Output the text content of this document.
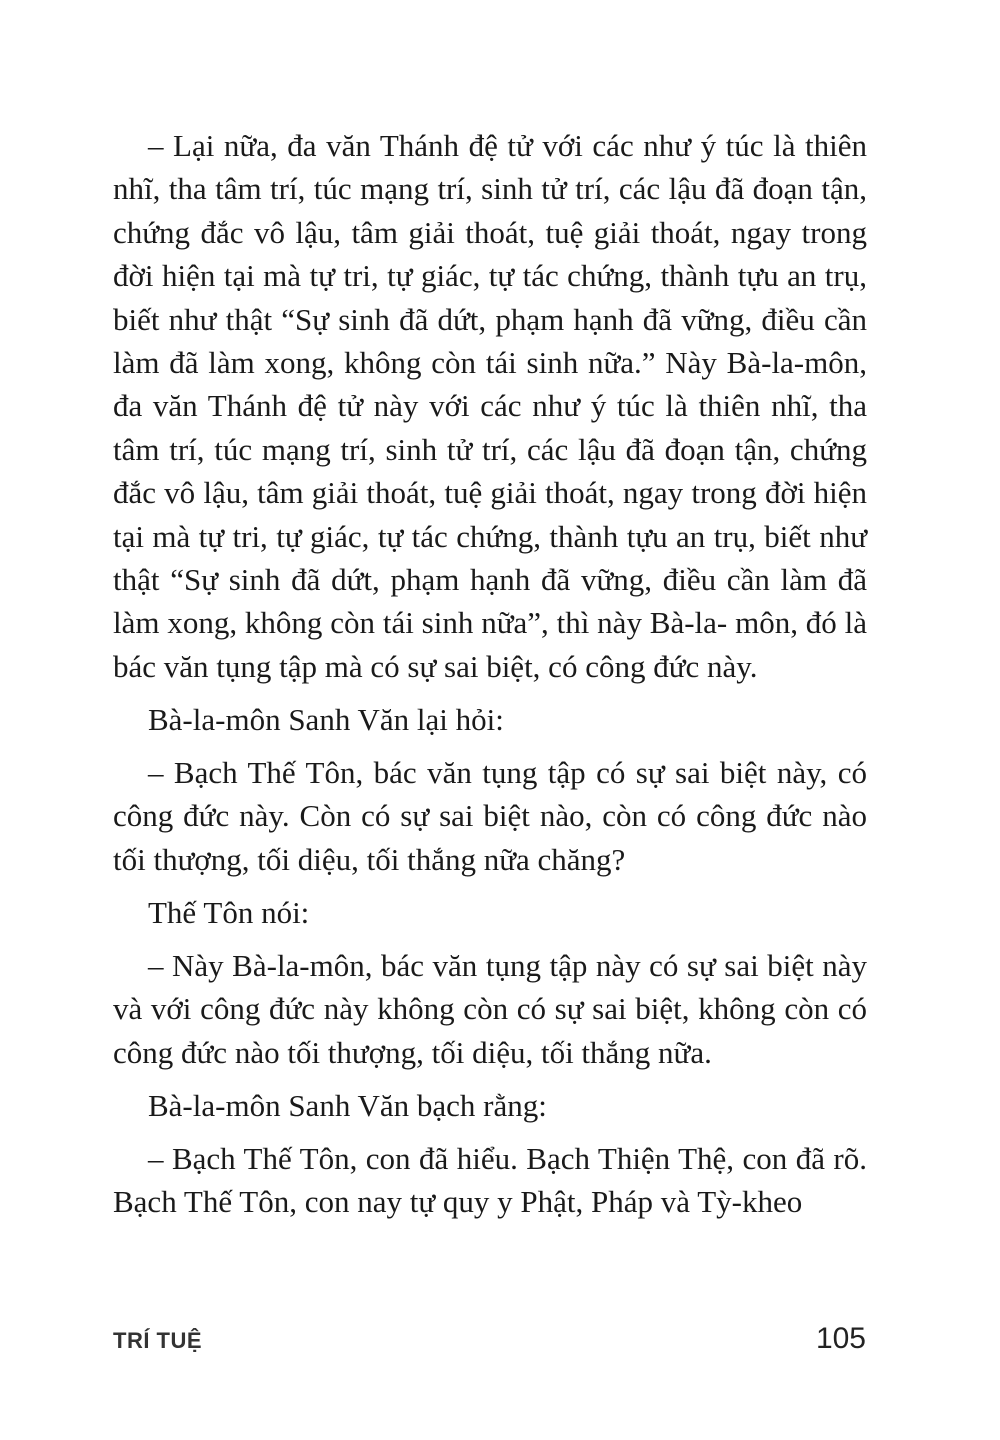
– Lại nữa, đa văn Thánh đệ tử với các như ý túc là thiên nhĩ, tha tâm trí, túc mạng trí, sinh tử trí, các lậu đã đoạn tận, chứng đắc vô lậu, tâm giải thoát, tuệ giải thoát, ngay trong đời hiện tại mà tự tri, tự giác, tự tác chứng, thành tựu an trụ, biết như thật “Sự sinh đã dứt, phạm hạnh đã vững, điều cần làm đã làm xong, không còn tái sinh nữa.” Này Bà-la-môn, đa văn Thánh đệ tử này với các như ý túc là thiên nhĩ, tha tâm trí, túc mạng trí, sinh tử trí, các lậu đã đoạn tận, chứng đắc vô lậu, tâm giải thoát, tuệ giải thoát, ngay trong đời hiện tại mà tự tri, tự giác, tự tác chứng, thành tựu an trụ, biết như thật “Sự sinh đã dứt, phạm hạnh đã vững, điều cần làm đã làm xong, không còn tái sinh nữa”, thì này Bà-la- môn, đó là bác văn tụng tập mà có sự sai biệt, có công đức này.

Bà-la-môn Sanh Văn lại hỏi:

– Bạch Thế Tôn, bác văn tụng tập có sự sai biệt này, có công đức này. Còn có sự sai biệt nào, còn có công đức nào tối thượng, tối diệu, tối thắng nữa chăng?

Thế Tôn nói:

– Này Bà-la-môn, bác văn tụng tập này có sự sai biệt này và với công đức này không còn có sự sai biệt, không còn có công đức nào tối thượng, tối diệu, tối thắng nữa.

Bà-la-môn Sanh Văn bạch rằng:

– Bạch Thế Tôn, con đã hiểu. Bạch Thiện Thệ, con đã rõ. Bạch Thế Tôn, con nay tự quy y Phật, Pháp và Tỳ-kheo

TRÍ TUỆ	105
